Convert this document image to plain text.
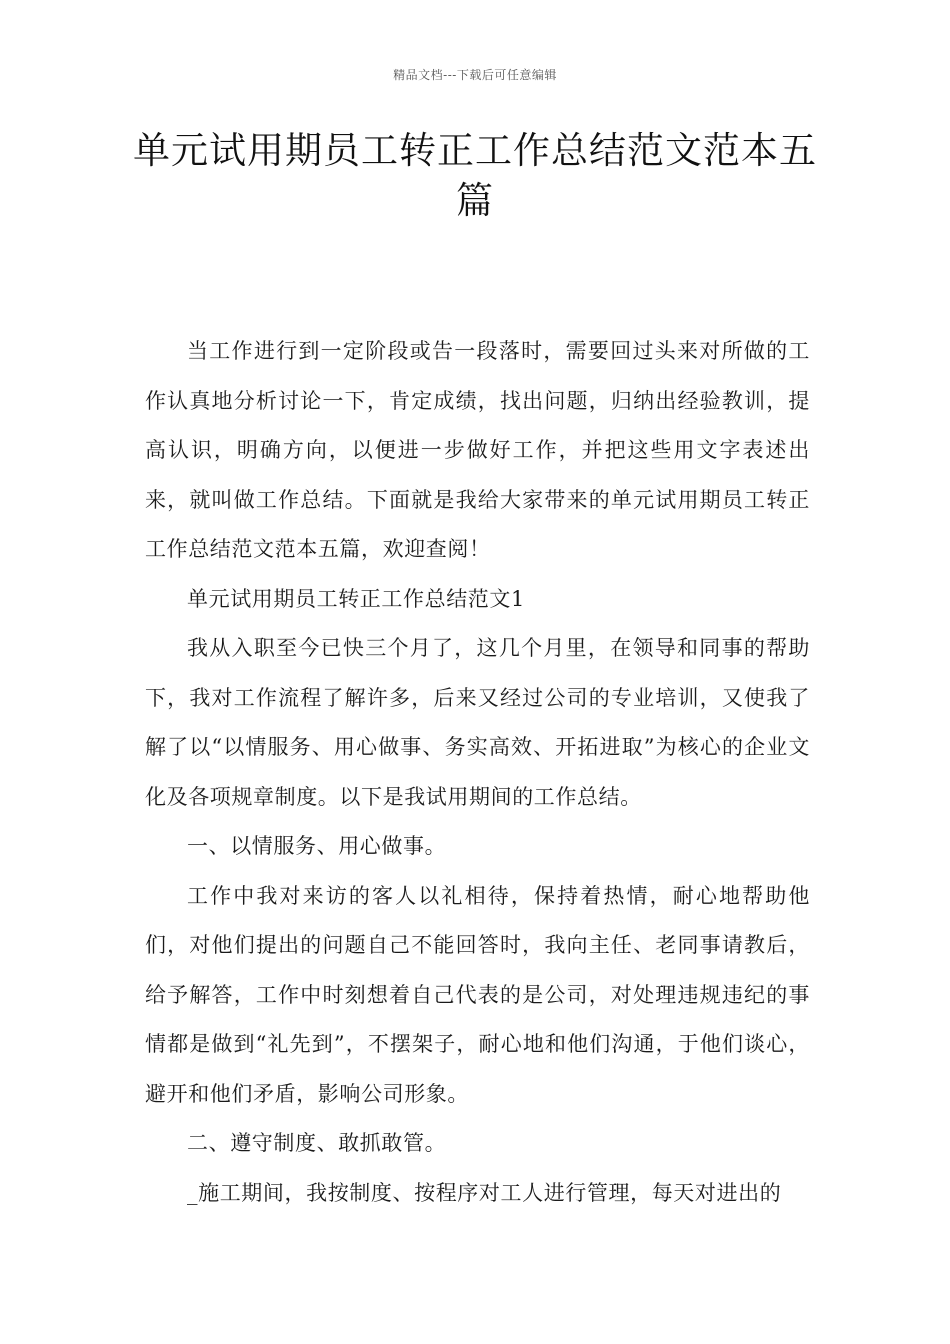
精品文档---下载后可任意编辑
单元试用期员工转正工作总结范文范本五篇

当工作进行到一定阶段或告一段落时，需要回过头来对所做的工作认真地分析讨论一下，肯定成绩，找出问题，归纳出经验教训，提高认识，明确方向，以便进一步做好工作，并把这些用文字表述出来，就叫做工作总结。下面就是我给大家带来的单元试用期员工转正工作总结范文范本五篇，欢迎查阅！

单元试用期员工转正工作总结范文1

我从入职至今已快三个月了，这几个月里，在领导和同事的帮助下，我对工作流程了解许多，后来又经过公司的专业培训，又使我了解了以“以情服务、用心做事、务实高效、开拓进取”为核心的企业文化及各项规章制度。以下是我试用期间的工作总结。

一、以情服务、用心做事。

工作中我对来访的客人以礼相待，保持着热情，耐心地帮助他们，对他们提出的问题自己不能回答时，我向主任、老同事请教后，给予解答，工作中时刻想着自己代表的是公司，对处理违规违纪的事情都是做到“礼先到”，不摆架子，耐心地和他们沟通，于他们谈心，避开和他们矛盾，影响公司形象。

二、遵守制度、敢抓敢管。

_施工期间，我按制度、按程序对工人进行管理，每天对进出的
